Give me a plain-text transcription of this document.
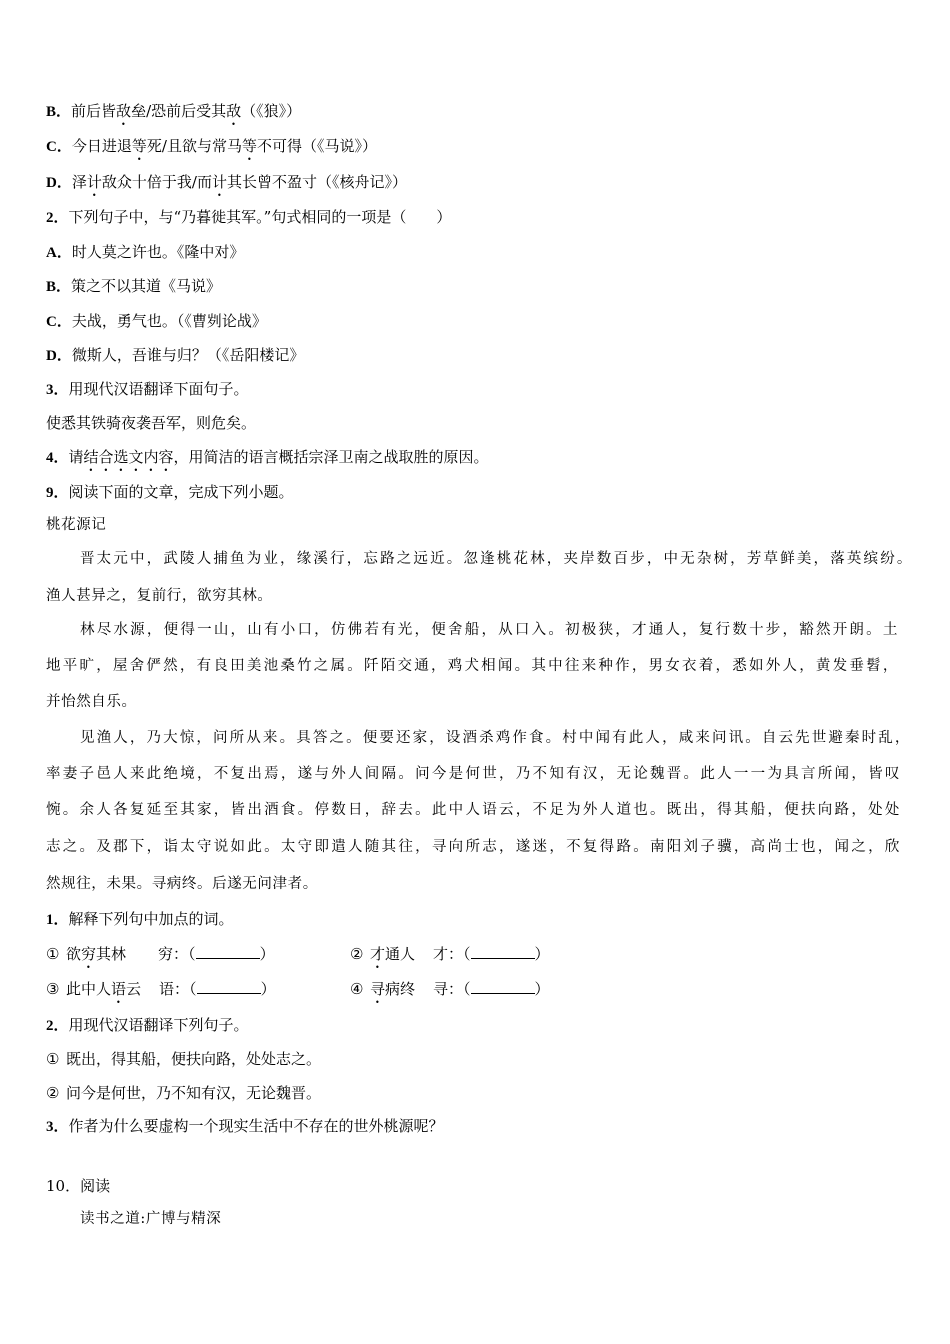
B．前后皆敌垒/恐前后受其敌（《狼》）
C．今日进退等死/且欲与常马等不可得（《马说》）
D．泽计敌众十倍于我/而计其长曾不盈寸（《核舟记》）
2．下列句子中，与“乃暮徙其军。”句式相同的一项是（　　）
A．时人莫之许也。《隆中对》
B．策之不以其道《马说》
C．夫战，勇气也。（《曹刿论战》
D．微斯人，吾谁与归？（《岳阳楼记》
3．用现代汉语翻译下面句子。
使悉其铁骑夜袭吾军，则危矣。
4．请结合选文内容，用简洁的语言概括宗泽卫南之战取胜的原因。
9．阅读下面的文章，完成下列小题。
桃花源记
晋太元中，武陵人捕鱼为业，缘溪行，忘路之远近。忽逢桃花林，夹岸数百步，中无杂树，芳草鲜美，落英缤纷。
渔人甚异之，复前行，欲穷其林。
林尽水源，便得一山，山有小口，仿佛若有光，便舍船，从口入。初极狭，才通人，复行数十步，豁然开朗。土
地平旷，屋舍俨然，有良田美池桑竹之属。阡陌交通，鸡犬相闻。其中往来种作，男女衣着，悉如外人，黄发垂髫，
并怡然自乐。
见渔人，乃大惊，问所从来。具答之。便要还家，设酒杀鸡作食。村中闻有此人，咸来问讯。自云先世避秦时乱，
率妻子邑人来此绝境，不复出焉，遂与外人间隔。问今是何世，乃不知有汉，无论魏晋。此人一一为具言所闻，皆叹
惋。余人各复延至其家，皆出酒食。停数日，辞去。此中人语云，不足为外人道也。既出，得其船，便扶向路，处处
志之。及郡下，诣太守说如此。太守即遣人随其往，寻向所志，遂迷，不复得路。南阳刘子骥，高尚士也，闻之，欣
然规往，未果。寻病终。后遂无问津者。
1．解释下列句中加点的词。
① 欲穷其林 穷：（	）	② 才通人 才：（	）
③ 此中人语云 语：（	）	④ 寻病终 寻：（	）
2．用现代汉语翻译下列句子。
① 既出，得其船，便扶向路，处处志之。
② 问今是何世，乃不知有汉，无论魏晋。
3．作者为什么要虚构一个现实生活中不存在的世外桃源呢？
10．阅读
读书之道:广博与精深
